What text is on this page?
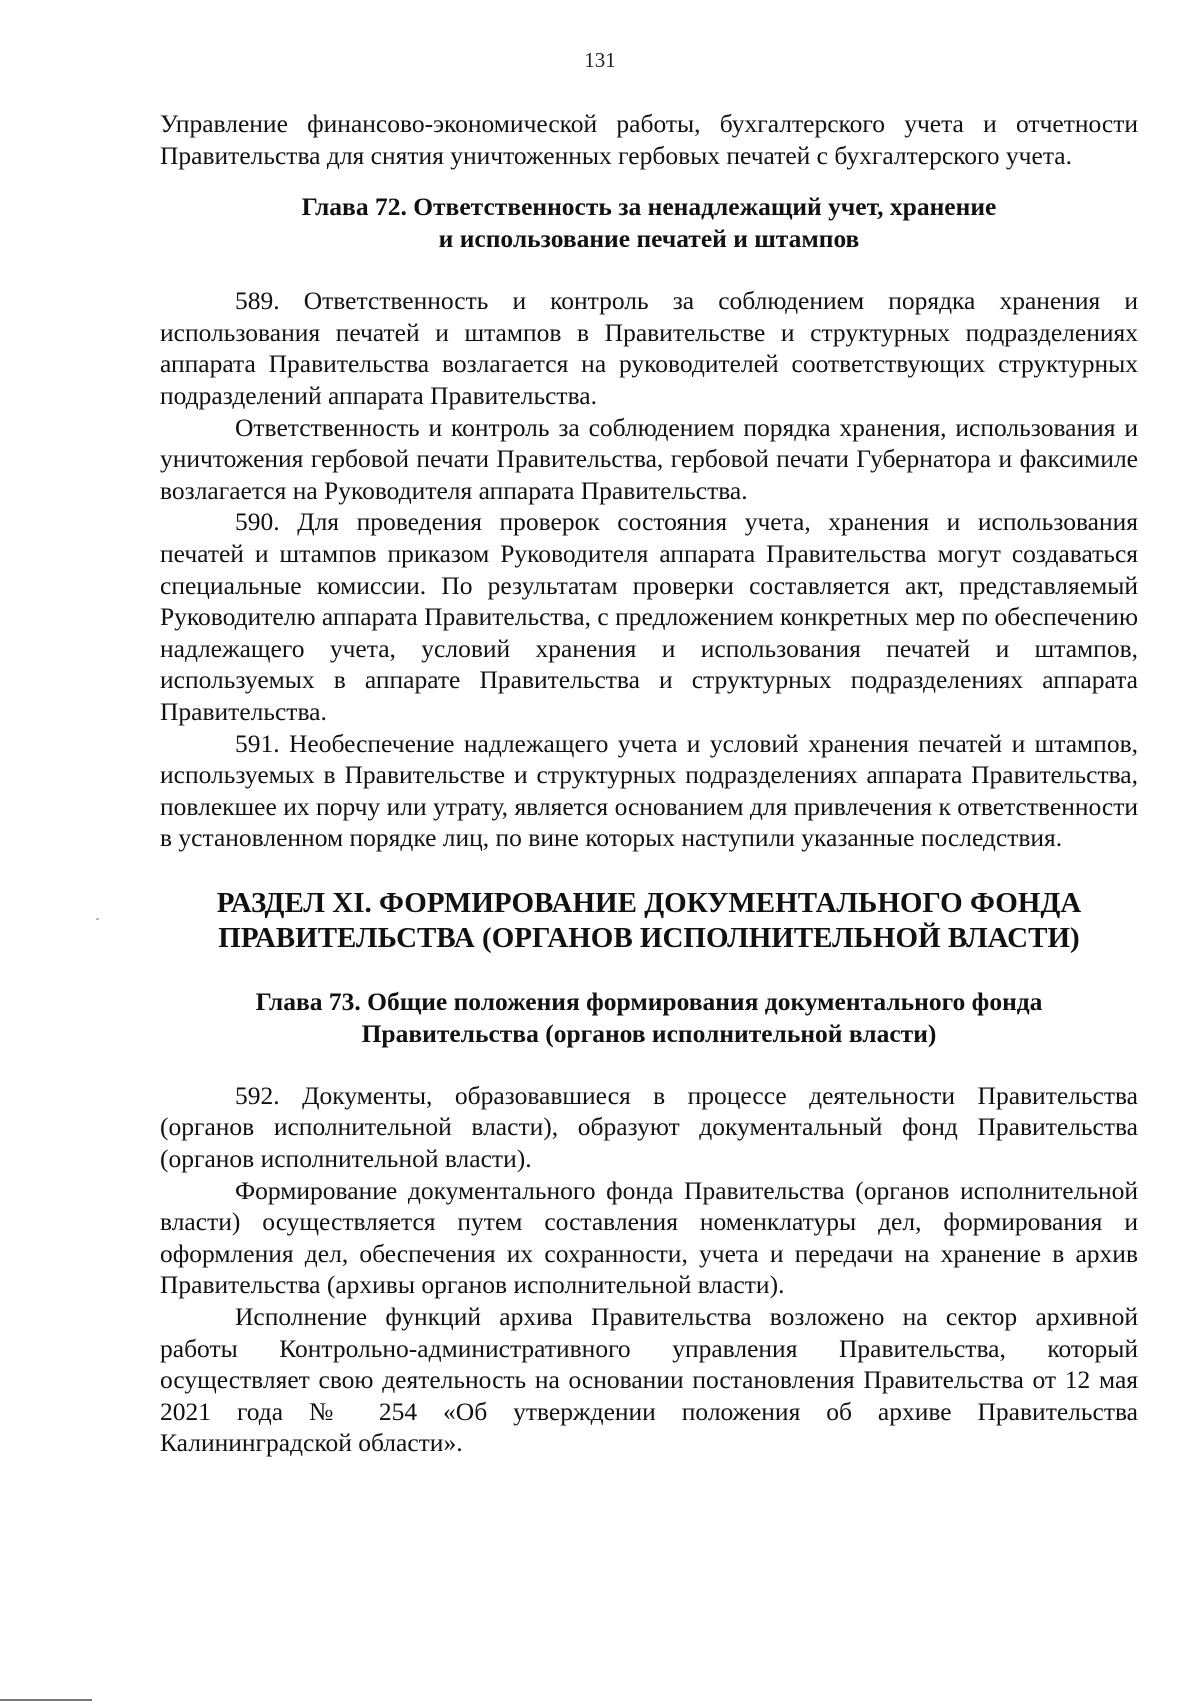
131

Управление финансово-экономической работы, бухгалтерского учета и отчетности Правительства для снятия уничтоженных гербовых печатей с бухгалтерского учета.

Глава 72. Ответственность за ненадлежащий учет, хранение
и использование печатей и штампов

589. Ответственность и контроль за соблюдением порядка хранения и использования печатей и штампов в Правительстве и структурных подразделениях аппарата Правительства возлагается на руководителей соответствующих структурных подразделений аппарата Правительства.

Ответственность и контроль за соблюдением порядка хранения, использования и уничтожения гербовой печати Правительства, гербовой печати Губернатора и факсимиле возлагается на Руководителя аппарата Правительства.

590. Для проведения проверок состояния учета, хранения и использования печатей и штампов приказом Руководителя аппарата Правительства могут создаваться специальные комиссии. По результатам проверки составляется акт, представляемый Руководителю аппарата Правительства, с предложением конкретных мер по обеспечению надлежащего учета, условий хранения и использования печатей и штампов, используемых в аппарате Правительства и структурных подразделениях аппарата Правительства.

591. Необеспечение надлежащего учета и условий хранения печатей и штампов, используемых в Правительстве и структурных подразделениях аппарата Правительства, повлекшее их порчу или утрату, является основанием для привлечения к ответственности в установленном порядке лиц, по вине которых наступили указанные последствия.

РАЗДЕЛ XI. ФОРМИРОВАНИЕ ДОКУМЕНТАЛЬНОГО ФОНДА
ПРАВИТЕЛЬСТВА (ОРГАНОВ ИСПОЛНИТЕЛЬНОЙ ВЛАСТИ)
Глава 73. Общие положения формирования документального фонда
Правительства (органов исполнительной власти)

592. Документы, образовавшиеся в процессе деятельности Правительства (органов исполнительной власти), образуют документальный фонд Правительства (органов исполнительной власти).

Формирование документального фонда Правительства (органов исполнительной власти) осуществляется путем составления номенклатуры дел, формирования и оформления дел, обеспечения их сохранности, учета и передачи на хранение в архив Правительства (архивы органов исполнительной власти).

Исполнение функций архива Правительства возложено на сектор архивной работы Контрольно-административного управления Правительства, который осуществляет свою деятельность на основании постановления Правительства от 12 мая 2021 года № 254 «Об утверждении положения об архиве Правительства Калининградской области».
